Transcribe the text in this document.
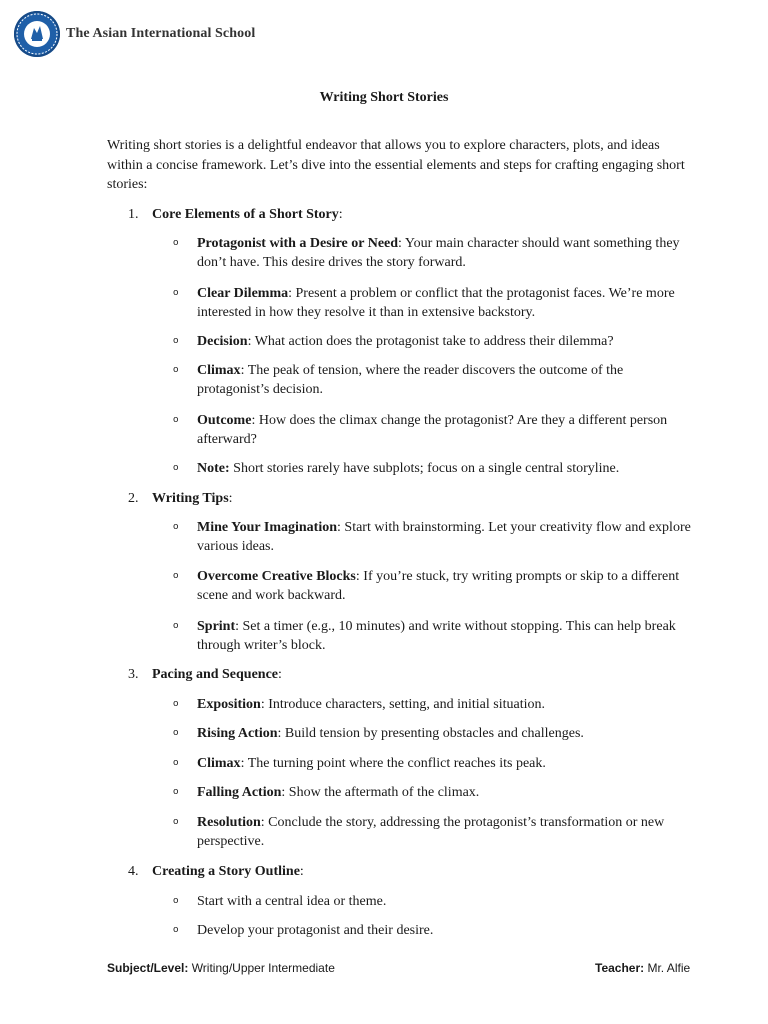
The Asian International School
Writing Short Stories
Writing short stories is a delightful endeavor that allows you to explore characters, plots, and ideas within a concise framework. Let’s dive into the essential elements and steps for crafting engaging short stories:
1. Core Elements of a Short Story:
o	Protagonist with a Desire or Need: Your main character should want something they don’t have. This desire drives the story forward.
o	Clear Dilemma: Present a problem or conflict that the protagonist faces. We’re more interested in how they resolve it than in extensive backstory.
o	Decision: What action does the protagonist take to address their dilemma?
o	Climax: The peak of tension, where the reader discovers the outcome of the protagonist’s decision.
o	Outcome: How does the climax change the protagonist? Are they a different person afterward?
o	Note: Short stories rarely have subplots; focus on a single central storyline.
2. Writing Tips:
o	Mine Your Imagination: Start with brainstorming. Let your creativity flow and explore various ideas.
o	Overcome Creative Blocks: If you’re stuck, try writing prompts or skip to a different scene and work backward.
o	Sprint: Set a timer (e.g., 10 minutes) and write without stopping. This can help break through writer’s block.
3. Pacing and Sequence:
o	Exposition: Introduce characters, setting, and initial situation.
o	Rising Action: Build tension by presenting obstacles and challenges.
o	Climax: The turning point where the conflict reaches its peak.
o	Falling Action: Show the aftermath of the climax.
o	Resolution: Conclude the story, addressing the protagonist’s transformation or new perspective.
4. Creating a Story Outline:
o	Start with a central idea or theme.
o	Develop your protagonist and their desire.
Subject/Level: Writing/Upper Intermediate	Teacher: Mr. Alfie
